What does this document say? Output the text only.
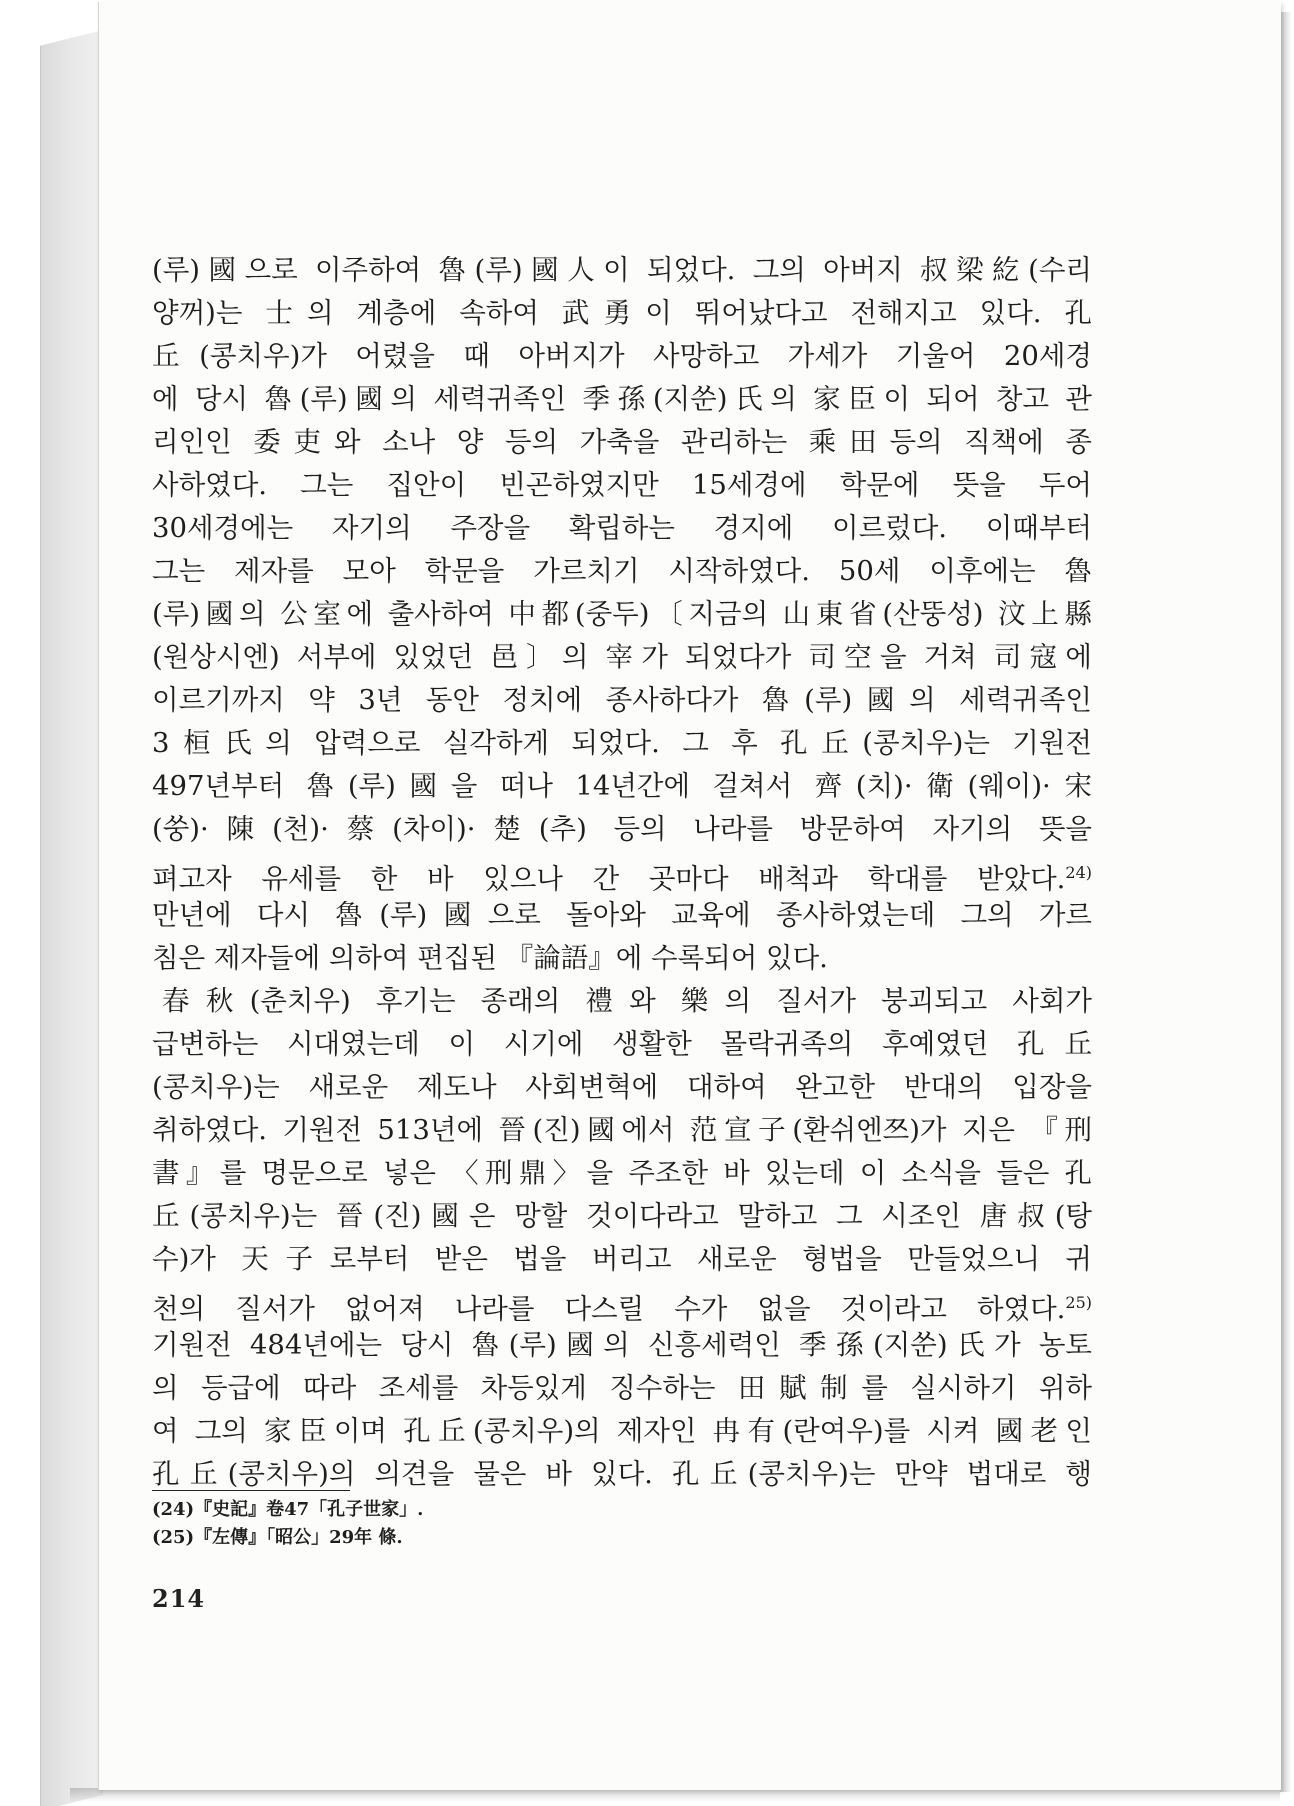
(루)國으로 이주하여 魯(루)國人이 되었다. 그의 아버지 叔梁紇(수리
양꺼)는 士의 계층에 속하여 武勇이 뛰어났다고 전해지고 있다. 孔
丘(콩치우)가 어렸을 때 아버지가 사망하고 가세가 기울어 20세경
에 당시 魯(루)國의 세력귀족인 季孫(지쑨)氏의 家臣이 되어 창고 관
리인인 委吏와 소나 양 등의 가축을 관리하는 乘田등의 직책에 종
사하였다. 그는 집안이 빈곤하였지만 15세경에 학문에 뜻을 두어
30세경에는 자기의 주장을 확립하는 경지에 이르렀다. 이때부터
그는 제자를 모아 학문을 가르치기 시작하였다. 50세 이후에는 魯
(루)國의 公室에 출사하여 中都(중두)〔지금의 山東省(산뚱성) 汶上縣
(원상시엔) 서부에 있었던 邑〕의 宰가 되었다가 司空을 거쳐 司寇에
이르기까지 약 3년 동안 정치에 종사하다가 魯(루)國의 세력귀족인
3桓氏의 압력으로 실각하게 되었다. 그 후 孔丘(콩치우)는 기원전
497년부터 魯(루)國을 떠나 14년간에 걸쳐서 齊(치)·衛(웨이)·宋
(쑹)·陳(천)·蔡(차이)·楚(추) 등의 나라를 방문하여 자기의 뜻을
펴고자 유세를 한 바 있으나 간 곳마다 배척과 학대를 받았다.$^{24)}$
만년에 다시 魯(루)國으로 돌아와 교육에 종사하였는데 그의 가르
침은 제자들에 의하여 편집된 『論語』에 수록되어 있다.
春秋(춘치우) 후기는 종래의 禮와 樂의 질서가 붕괴되고 사회가
급변하는 시대였는데 이 시기에 생활한 몰락귀족의 후예였던 孔丘
(콩치우)는 새로운 제도나 사회변혁에 대하여 완고한 반대의 입장을
취하였다. 기원전 513년에 晉(진)國에서 范宣子(환쉬엔쯔)가 지은 『刑
書』를 명문으로 넣은 〈刑鼎〉을 주조한 바 있는데 이 소식을 들은 孔
丘(콩치우)는 晉(진)國은 망할 것이다라고 말하고 그 시조인 唐叔(탕
수)가 天子로부터 받은 법을 버리고 새로운 형법을 만들었으니 귀
천의 질서가 없어져 나라를 다스릴 수가 없을 것이라고 하였다.$^{25)}$
기원전 484년에는 당시 魯(루)國의 신흥세력인 季孫(지쑨)氏가 농토
의 등급에 따라 조세를 차등있게 징수하는 田賦制를 실시하기 위하
여 그의 家臣이며 孔丘(콩치우)의 제자인 冉有(란여우)를 시켜 國老인
孔丘(콩치우)의 의견을 물은 바 있다. 孔丘(콩치우)는 만약 법대로 행
(24)『史記』卷47「孔子世家」.
(25)『左傳』「昭公」29年 條.
214
